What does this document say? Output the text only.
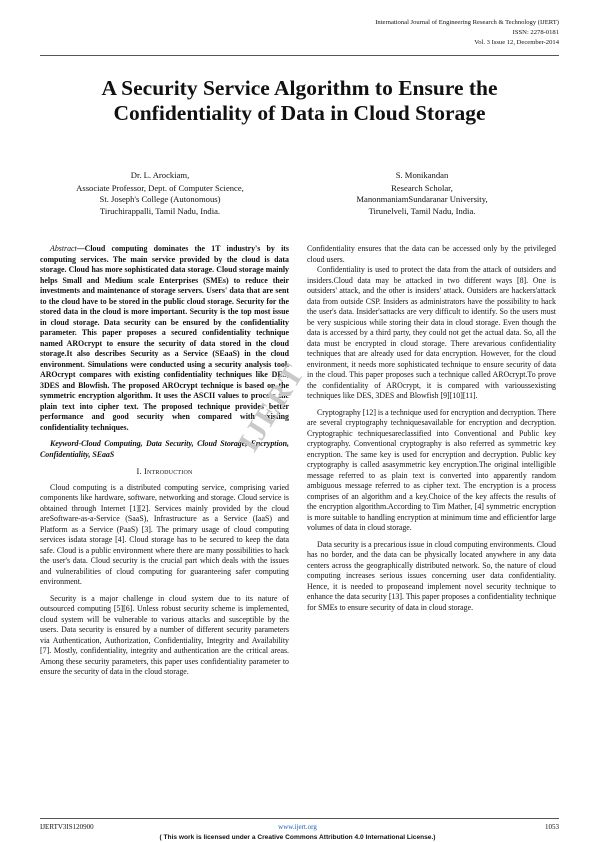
International Journal of Engineering Research & Technology (IJERT)
ISSN: 2278-0181
Vol. 3 Issue 12, December-2014
A Security Service Algorithm to Ensure the
Confidentiality of Data in Cloud Storage
Dr. L. Arockiam,
Associate Professor, Dept. of Computer Science,
St. Joseph's College (Autonomous)
Tiruchirappalli, Tamil Nadu, India.
S. Monikandan
Research Scholar,
ManonmaniamSundaranar University,
Tirunelveli, Tamil Nadu, India.

Abstract—Cloud computing dominates the 1T industry's by its computing services. The main service provided by the cloud is data storage. Cloud has more sophisticated data storage. Cloud storage mainly helps Small and Medium scale Enterprises (SMEs) to reduce their investments and maintenance of storage servers. Users' data that are sent to the cloud have to be stored in the public cloud storage. Security for the stored data in the cloud is more important. Security is the top most issue in cloud storage. Data security can be ensured by the confidentiality parameter. This paper proposes a secured confidentiality technique named AROcrypt to ensure the security of data stored in the cloud storage.It also describes Security as a Service (SEaaS) in the cloud environment. Simulations were conducted using a security analysis tool. AROcrypt compares with existing confidentiality techniques like DES, 3DES and Blowfish. The proposed AROcrypt technique is based on the symmetric encryption algorithm. It uses the ASCII values to process the plain text into cipher text. The proposed technique provides better performance and good security when compared with existing confidentiality techniques.

Keyword-Cloud Computing, Data Security, Cloud Storage, Encryption, Confidentiality, SEaaS

I. Introduction

Cloud computing is a distributed computing service, comprising varied components like hardware, software, networking and storage. Cloud service is obtained through Internet [1][2]. Services mainly provided by the cloud areSoftware-as-a-Service (SaaS), Infrastructure as a Service (IaaS) and Platform as a Service (PaaS) [3]. The primary usage of cloud computing services isdata storage [4]. Cloud storage has to be secured to keep the data safe. Cloud is a public environment where there are many possibilities to hack the user's data. Cloud security is the crucial part which deals with the issues and vulnerabilities of cloud computing for guaranteeing safer computing environment.

Security is a major challenge in cloud system due to its nature of outsourced computing [5][6]. Unless robust security scheme is implemented, cloud system will be vulnerable to various attacks and susceptible by the users. Data security is ensured by a number of different security parameters via Authentication, Authorization, Confidentiality, Integrity and Availability [7]. Mostly, confidentiality, integrity and authentication are the critical areas. Among these security parameters, this paper uses confidentiality parameter to ensure the security of data in the cloud storage.

Confidentiality ensures that the data can be accessed only by the privileged cloud users.

Confidentiality is used to protect the data from the attack of outsiders and insiders.Cloud data may be attacked in two different ways [8]. One is outsiders' attack, and the other is insiders' attack. Outsiders are hackers'attack data from outside CSP. Insiders as administrators have the possibility to hack the user's data. Insider'sattacks are very difficult to identify. So the users must be very suspicious while storing their data in cloud storage. Even though the data is accessed by a third party, they could not get the actual data. So, all the data must be encrypted in cloud storage. There arevarious confidentiality techniques that are already used for data encryption. However, for the cloud environment, it needs more sophisticated technique to ensure security of data in the cloud. This paper proposes such a technique called AROcrypt.To prove the confidentiality of AROcrypt, it is compared with varioussexisting techniques like DES, 3DES and Blowfish [9][10][11].

Cryptography [12] is a technique used for encryption and decryption. There are several cryptography techniquesavailable for encryption and decryption. Cryptographic techniquesareclassified into Conventional and Public key cryptography. Conventional cryptography is also referred as symmetric key encryption. The same key is used for encryption and decryption. Public key cryptography is called asasymmetric key encryption.The original intelligible message referred to as plain text is converted into apparently random ambiguous message referred to as cipher text. The encryption is a process comprises of an algorithm and a key.Choice of the key affects the results of the encryption algorithm.According to Tim Mather, [4] symmetric encryption is more suitable to handling encryption at minimum time and efficientfor large volumes of data in cloud storage.

Data security is a precarious issue in cloud computing environments. Cloud has no border, and the data can be physically located anywhere in any data centers across the geographically distributed network. So, the nature of cloud computing increases serious issues concerning user data confidentiality. Hence, it is needed to proposeand implement novel security technique to enhance the data security [13]. This paper proposes a confidentiality technique for SMEs to ensure security of data in cloud storage.

IJERT
IJERTV3IS120900	www.ijert.org	1053
( This work is licensed under a Creative Commons Attribution 4.0 International License.)
